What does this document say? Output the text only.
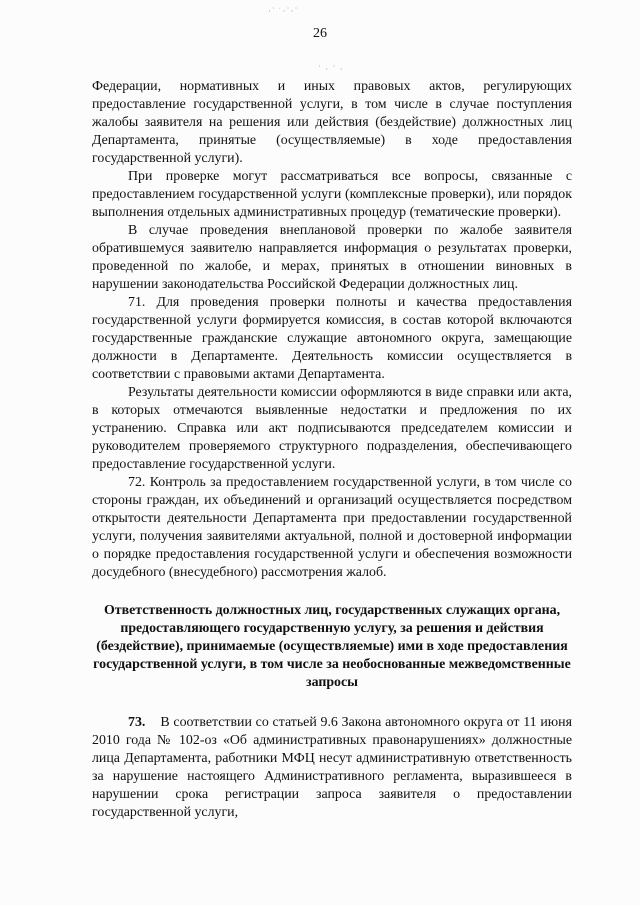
·˙ ͘ ·˙·˙
˙ · ˙ ·
26

Федерации, нормативных и иных правовых актов, регулирующих предоставление государственной услуги, в том числе в случае поступления жалобы заявителя на решения или действия (бездействие) должностных лиц Департамента, принятые (осуществляемые) в ходе предоставления государственной услуги).

При проверке могут рассматриваться все вопросы, связанные с предоставлением государственной услуги (комплексные проверки), или порядок выполнения отдельных административных процедур (тематические проверки).

В случае проведения внеплановой проверки по жалобе заявителя обратившемуся заявителю направляется информация о результатах проверки, проведенной по жалобе, и мерах, принятых в отношении виновных в нарушении законодательства Российской Федерации должностных лиц.

71. Для проведения проверки полноты и качества предоставления государственной услуги формируется комиссия, в состав которой включаются государственные гражданские служащие автономного округа, замещающие должности в Департаменте. Деятельность комиссии осуществляется в соответствии с правовыми актами Департамента.

Результаты деятельности комиссии оформляются в виде справки или акта, в которых отмечаются выявленные недостатки и предложения по их устранению. Справка или акт подписываются председателем комиссии и руководителем проверяемого структурного подразделения, обеспечивающего предоставление государственной услуги.

72. Контроль за предоставлением государственной услуги, в том числе со стороны граждан, их объединений и организаций осуществляется посредством открытости деятельности Департамента при предоставлении государственной услуги, получения заявителями актуальной, полной и достоверной информации о порядке предоставления государственной услуги и обеспечения возможности досудебного (внесудебного) рассмотрения жалоб.

Ответственность должностных лиц, государственных служащих органа, предоставляющего государственную услугу, за решения и действия (бездействие), принимаемые (осуществляемые) ими в ходе предоставления государственной услуги, в том числе за необоснованные межведомственные запросы

73. В соответствии со статьей 9.6 Закона автономного округа от 11 июня 2010 года № 102-оз «Об административных правонарушениях» должностные лица Департамента, работники МФЦ несут административную ответственность за нарушение настоящего Административного регламента, выразившееся в нарушении срока регистрации запроса заявителя о предоставлении государственной услуги,
